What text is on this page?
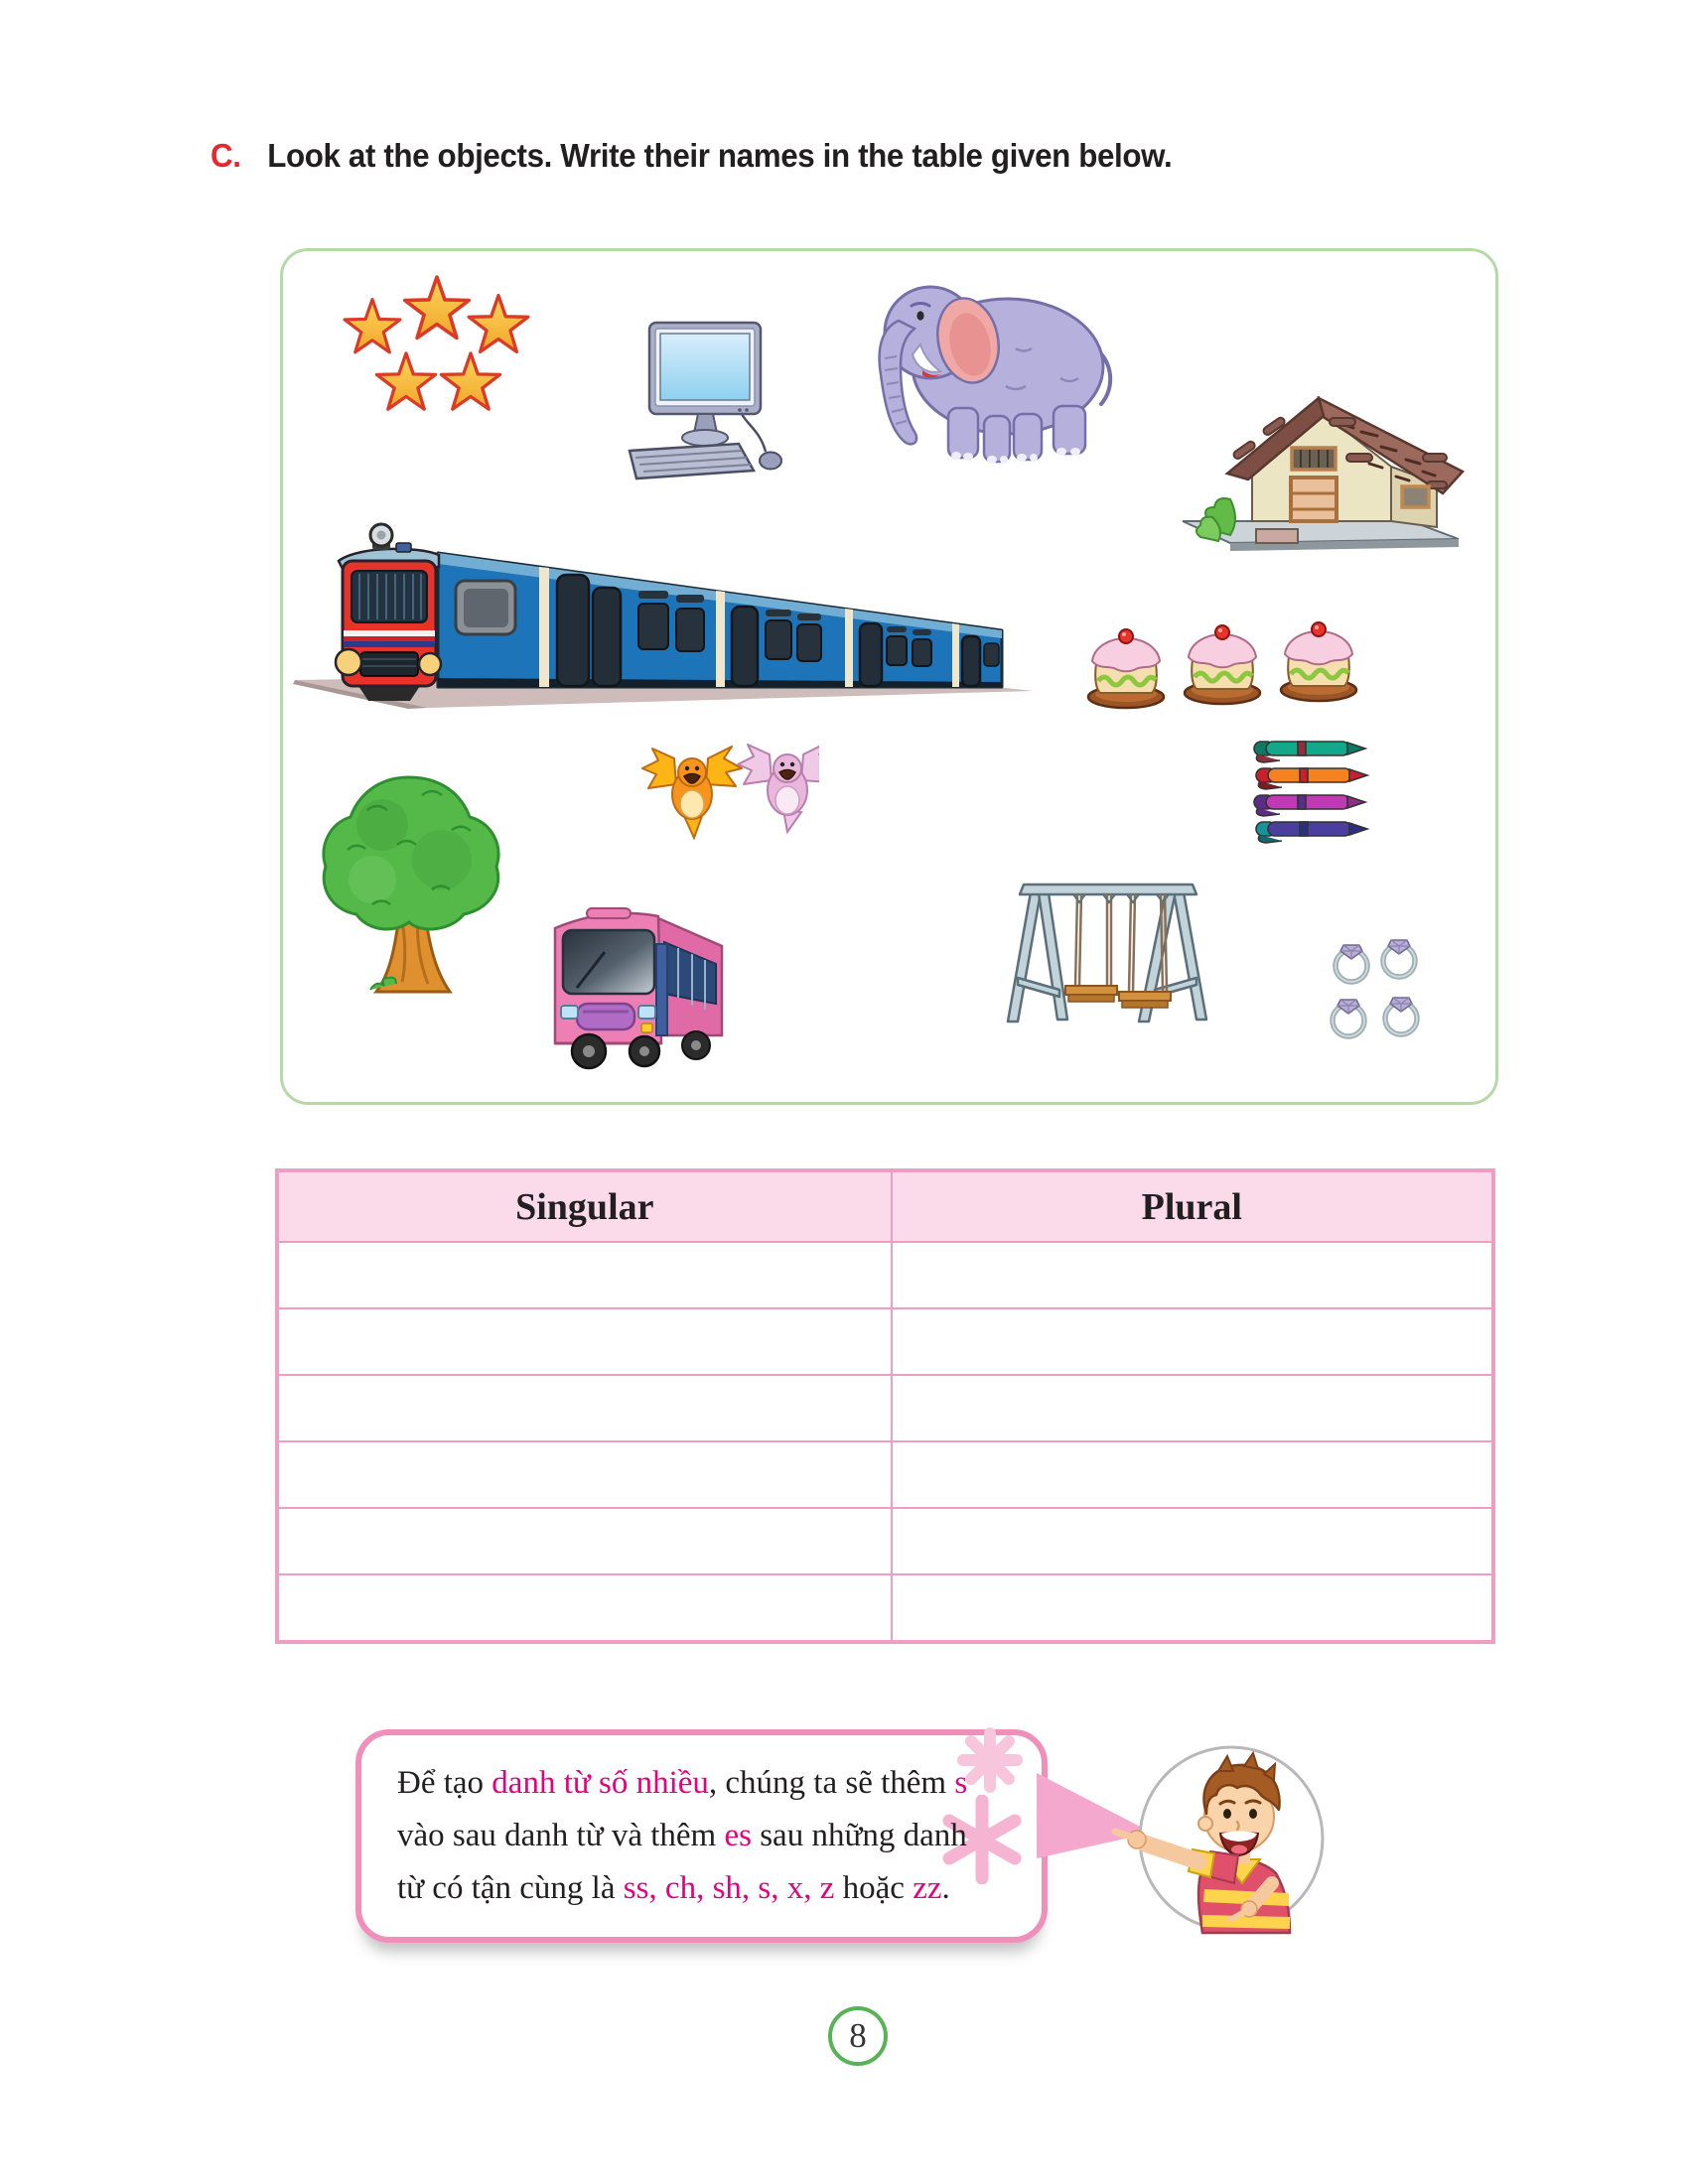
C. Look at the objects. Write their names in the table given below.
Singular	Plural

Để tạo danh từ số nhiều, chúng ta sẽ thêm s

vào sau danh từ và thêm es sau những danh

từ có tận cùng là ss, ch, sh, s, x, z hoặc zz.

8
